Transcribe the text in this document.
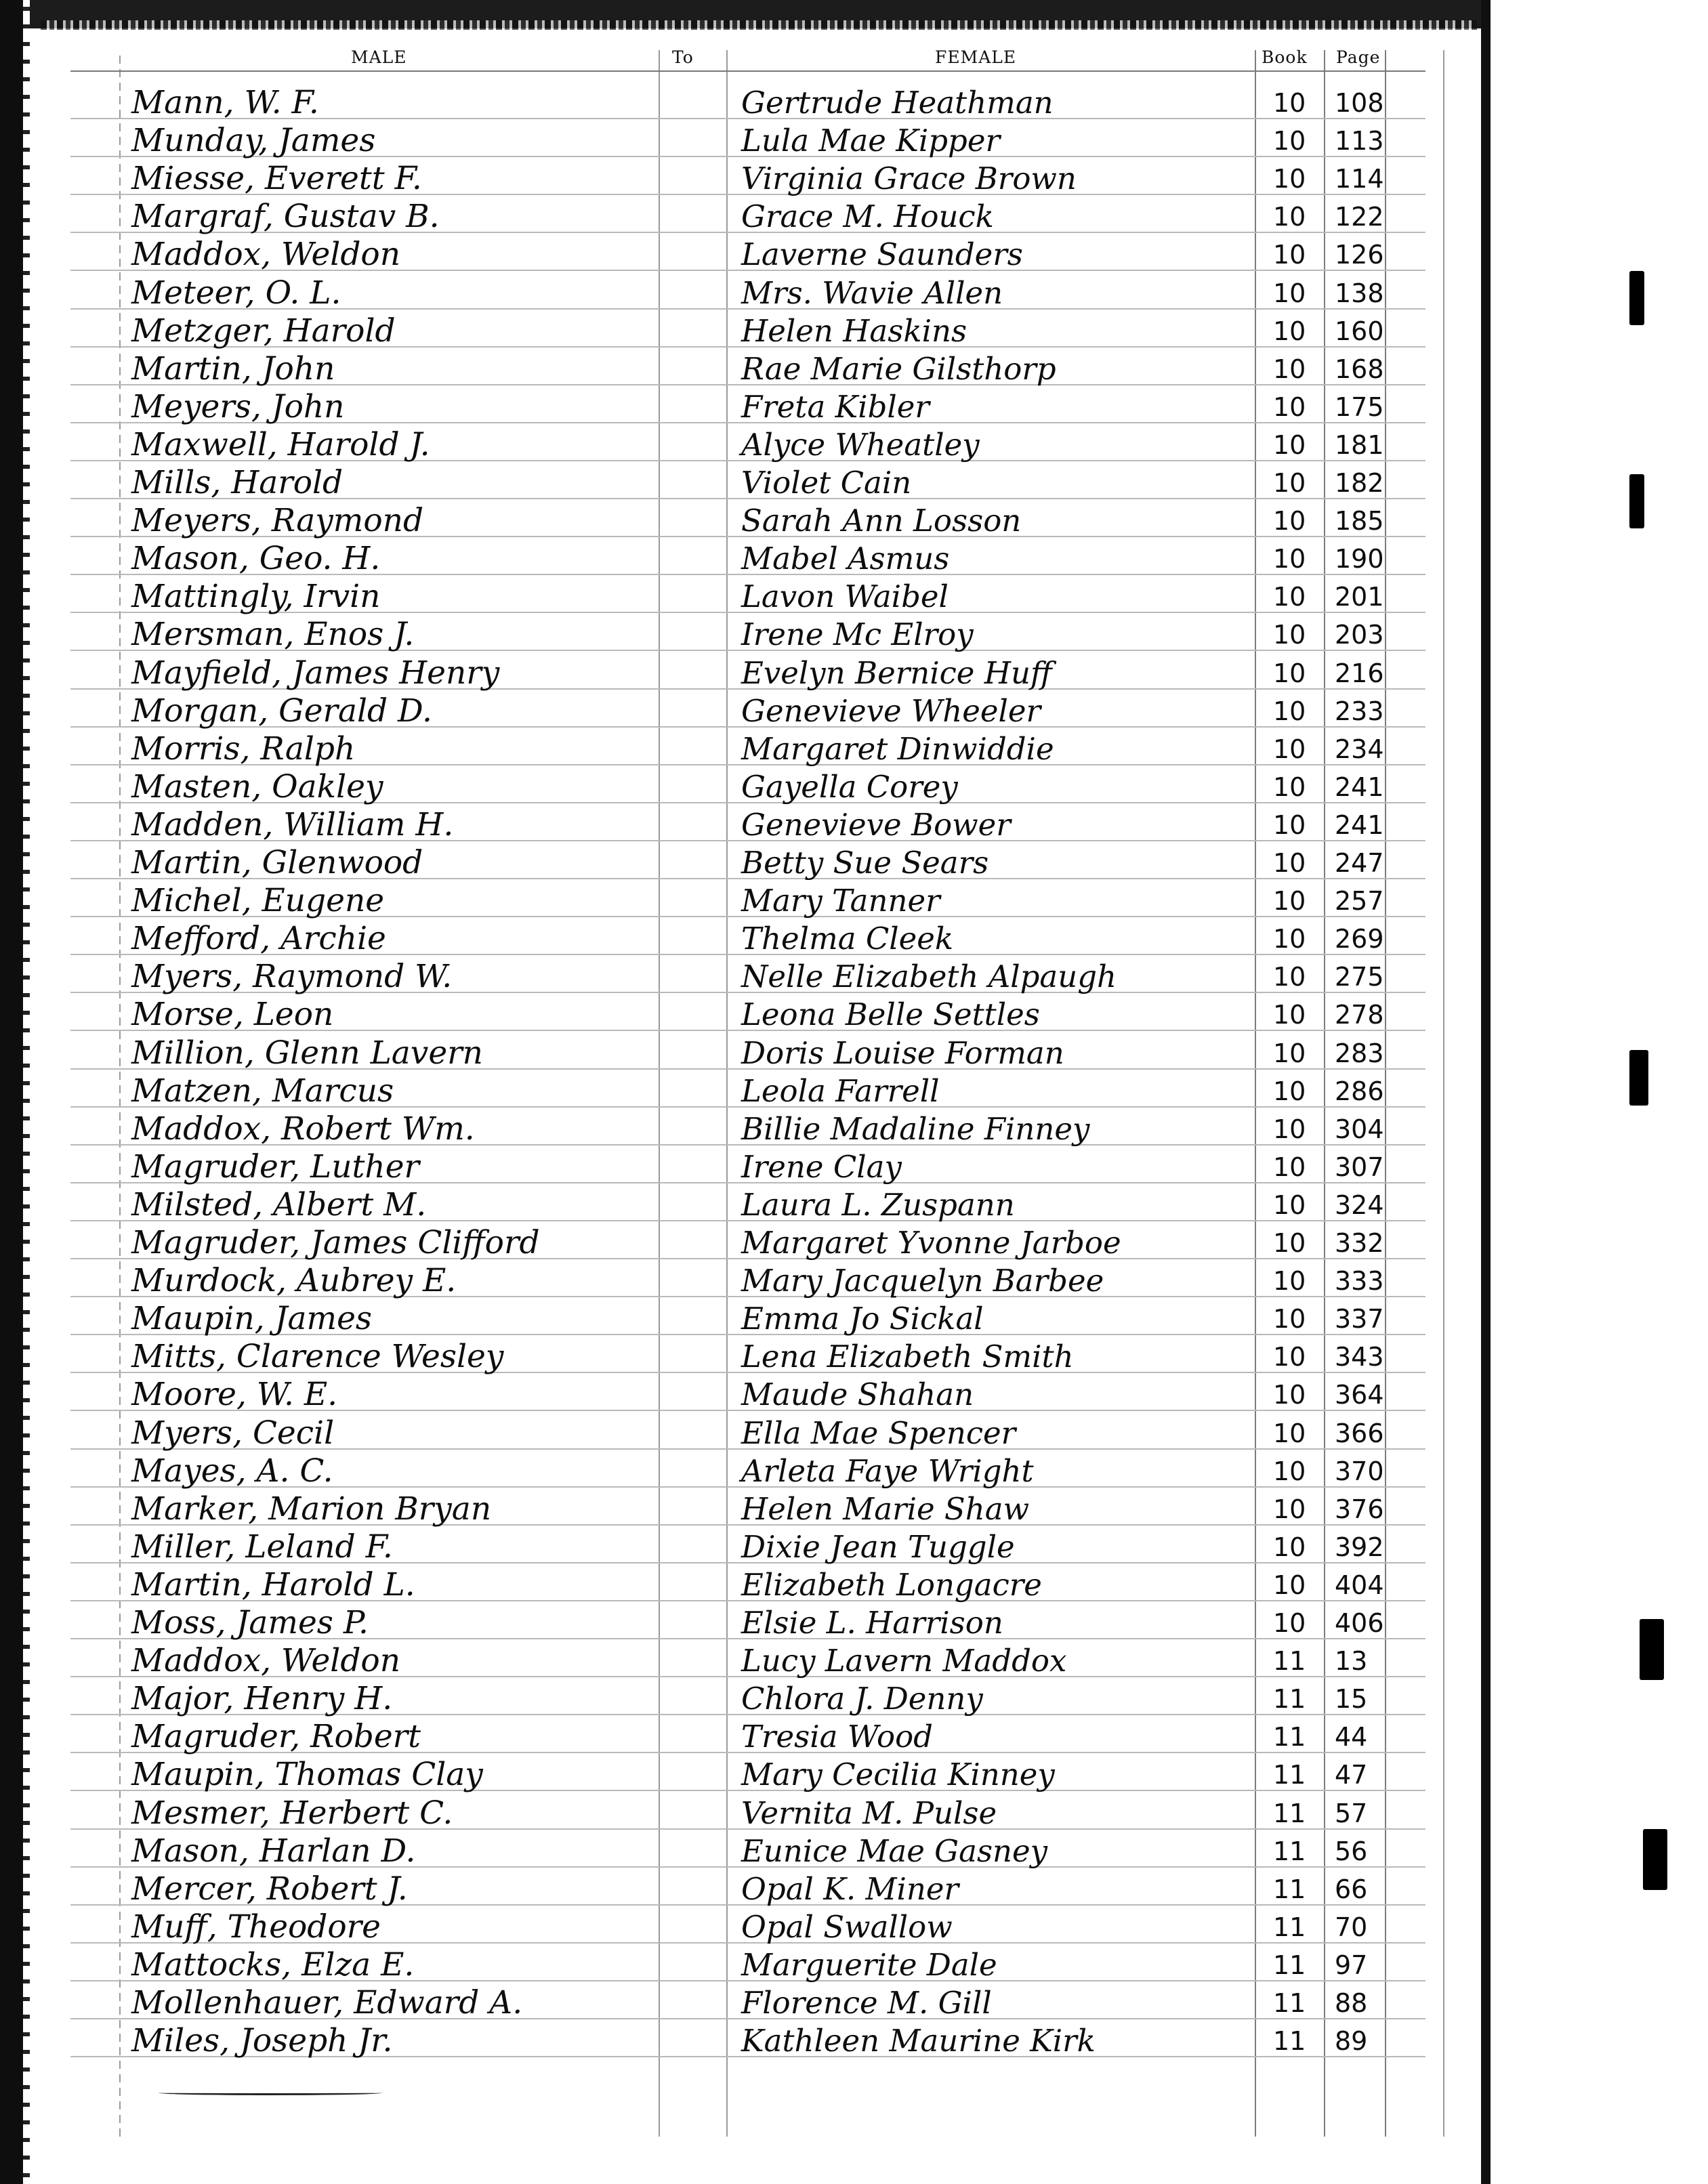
MALE	To	FEMALE	Book Page
Mann, W. F.	Gertrude Heathman	10 108
Munday, James	Lula Mae Kipper	10 113
Miesse, Everett F.	Virginia Grace Brown	10 114
Margraf, Gustav B.	Grace M. Houck	10 122
Maddox, Weldon	Laverne Saunders	10 126
Meteer, O. L.	Mrs. Wavie Allen	10 138
Metzger, Harold	Helen Haskins	10 160
Martin, John	Rae Marie Gilsthorp	10 168
Meyers, John	Freta Kibler	10 175
Maxwell, Harold J.	Alyce Wheatley	10 181
Mills, Harold	Violet Cain	10 182
Meyers, Raymond	Sarah Ann Losson	10 185
Mason, Geo. H.	Mabel Asmus	10 190
Mattingly, Irvin	Lavon Waibel	10 201
Mersman, Enos J.	Irene Mc Elroy	10 203
Mayfield, James Henry	Evelyn Bernice Huff	10 216
Morgan, Gerald D.	Genevieve Wheeler	10 233
Morris, Ralph	Margaret Dinwiddie	10 234
Masten, Oakley	Gayella Corey	10 241
Madden, William H.	Genevieve Bower	10 241
Martin, Glenwood	Betty Sue Sears	10 247
Michel, Eugene	Mary Tanner	10 257
Mefford, Archie	Thelma Cleek	10 269
Myers, Raymond W.	Nelle Elizabeth Alpaugh	10 275
Morse, Leon	Leona Belle Settles	10 278
Million, Glenn Lavern	Doris Louise Forman	10 283
Matzen, Marcus	Leola Farrell	10 286
Maddox, Robert Wm.	Billie Madaline Finney	10 304
Magruder, Luther	Irene Clay	10 307
Milsted, Albert M.	Laura L. Zuspann	10 324
Magruder, James Clifford	Margaret Yvonne Jarboe	10 332
Murdock, Aubrey E.	Mary Jacquelyn Barbee	10 333
Maupin, James	Emma Jo Sickal	10 337
Mitts, Clarence Wesley	Lena Elizabeth Smith	10 343
Moore, W. E.	Maude Shahan	10 364
Myers, Cecil	Ella Mae Spencer	10 366
Mayes, A. C.	Arleta Faye Wright	10 370
Marker, Marion Bryan	Helen Marie Shaw	10 376
Miller, Leland F.	Dixie Jean Tuggle	10 392
Martin, Harold L.	Elizabeth Longacre	10 404
Moss, James P.	Elsie L. Harrison	10 406
Maddox, Weldon	Lucy Lavern Maddox	11 13
Major, Henry H.	Chlora J. Denny	11 15
Magruder, Robert	Tresia Wood	11 44
Maupin, Thomas Clay	Mary Cecilia Kinney	11 47
Mesmer, Herbert C.	Vernita M. Pulse	11 57
Mason, Harlan D.	Eunice Mae Gasney	11 56
Mercer, Robert J.	Opal K. Miner	11 66
Muff, Theodore	Opal Swallow	11 70
Mattocks, Elza E.	Marguerite Dale	11 97
Mollenhauer, Edward A.	Florence M. Gill	11 88
Miles, Joseph Jr.	Kathleen Maurine Kirk	11 89
